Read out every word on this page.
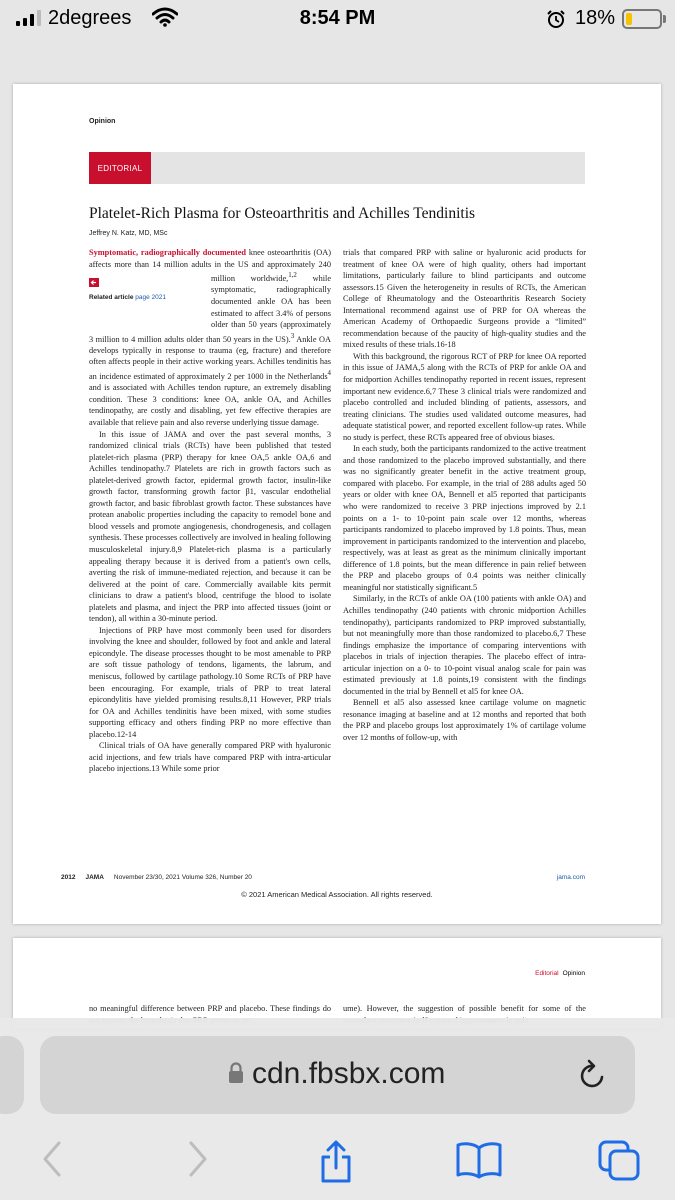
2degrees	8:54 PM	18%
Opinion
EDITORIAL
Platelet-Rich Plasma for Osteoarthritis and Achilles Tendinitis
Jeffrey N. Katz, MD, MSc

Symptomatic, radiographically documented knee osteoarthritis (OA) affects more than 14 million adults in the US and approximately 240 million worldwide,$^{1,2}$
Related article page 2021
while symptomatic, radiographically documented ankle OA has been estimated to affect 3.4% of persons older than 50 years (approximately 3 million to 4 million adults older than 50 years in the US).$^3$ Ankle OA develops typically in response to trauma (eg, fracture) and therefore often affects people in their active working years. Achilles tendinitis has an incidence estimated of approximately 2 per 1000 in the Netherlands$^4$ and is associated with Achilles tendon rupture, an extremely disabling condition. These 3 conditions: knee OA, ankle OA, and Achilles tendinopathy, are costly and disabling, yet few effective therapies are available that relieve pain and also reverse underlying tissue damage.

In this issue of JAMA and over the past several months, 3 randomized clinical trials (RCTs) have been published that tested platelet-rich plasma (PRP) therapy for knee OA,5 ankle OA,6 and Achilles tendinopathy.7 Platelets are rich in growth factors such as platelet-derived growth factor, epidermal growth factor, insulin-like growth factor, transforming growth factor β1, vascular endothelial growth factor, and basic fibroblast growth factor. These substances have protean anabolic properties including the capacity to remodel bone and blood vessels and promote angiogenesis, chondrogenesis, and collagen synthesis. These processes collectively are involved in healing following musculoskeletal injury.8,9 Platelet-rich plasma is a particularly appealing therapy because it is derived from a patient's own cells, averting the risk of immune-mediated rejection, and because it can be delivered at the point of care. Commercially available kits permit clinicians to draw a patient's blood, centrifuge the blood to isolate platelets and plasma, and inject the PRP into affected tissues (joint or tendon), all within a 30-minute period.

Injections of PRP have most commonly been used for disorders involving the knee and shoulder, followed by foot and ankle and lateral epicondyle. The disease processes thought to be most amenable to PRP are soft tissue pathology of tendons, ligaments, the labrum, and meniscus, followed by cartilage pathology.10 Some RCTs of PRP have been encouraging. For example, trials of PRP to treat lateral epicondylitis have yielded promising results.8,11 However, PRP trials for OA and Achilles tendinitis have been mixed, with some studies supporting efficacy and others finding PRP no more effective than placebo.12-14

Clinical trials of OA have generally compared PRP with hyaluronic acid injections, and few trials have compared PRP with intra-articular placebo injections.13 While some prior

trials that compared PRP with saline or hyaluronic acid products for treatment of knee OA were of high quality, others had important limitations, particularly failure to blind participants and outcome assessors.15 Given the heterogeneity in results of RCTs, the American College of Rheumatology and the Osteoarthritis Research Society International recommend against use of PRP for OA whereas the American Academy of Orthopaedic Surgeons provide a “limited” recommendation because of the paucity of high-quality studies and the mixed results of these trials.16-18

With this background, the rigorous RCT of PRP for knee OA reported in this issue of JAMA,5 along with the RCTs of PRP for ankle OA and for midportion Achilles tendinopathy reported in recent issues, represent important new evidence.6,7 These 3 clinical trials were randomized and placebo controlled and included blinding of patients, assessors, and treating clinicians. The studies used validated outcome measures, had adequate statistical power, and reported excellent follow-up rates. While no study is perfect, these RCTs appeared free of obvious biases.

In each study, both the participants randomized to the active treatment and those randomized to the placebo improved substantially, and there was no significantly greater benefit in the active treatment group, compared with placebo. For example, in the trial of 288 adults aged 50 years or older with knee OA, Bennell et al5 reported that participants who were randomized to receive 3 PRP injections improved by 2.1 points on a 1- to 10-point pain scale over 12 months, whereas participants randomized to placebo improved by 1.8 points. Thus, mean improvement in participants randomized to the intervention and placebo, respectively, was at least as great as the minimum clinically important difference of 1.8 points, but the mean difference in pain relief between the PRP and placebo groups of 0.4 points was neither clinically meaningful nor statistically significant.5

Similarly, in the RCTs of ankle OA (100 patients with ankle OA) and Achilles tendinopathy (240 patients with chronic midportion Achilles tendinopathy), participants randomized to PRP improved substantially, but not meaningfully more than those randomized to placebo.6,7 These findings emphasize the importance of comparing interventions with placebos in trials of injection therapies. The placebo effect of intra-articular injection on a 0- to 10-point visual analog scale for pain was estimated previously at 1.8 points,19 consistent with the findings documented in the trial by Bennell et al5 for knee OA.

Bennell et al5 also assessed knee cartilage volume on magnetic resonance imaging at baseline and at 12 months and reported that both the PRP and placebo groups lost approximately 1% of cartilage volume over 12 months of follow-up, with

2012 JAMA November 23/30, 2021 Volume 326, Number 20	jama.com
© 2021 American Medical Association. All rights reserved.
Editorial Opinion
no meaningful difference between PRP and placebo. These findings do ume). However, the suggestion of possible benefit for some of the
cdn.fbsbx.com
